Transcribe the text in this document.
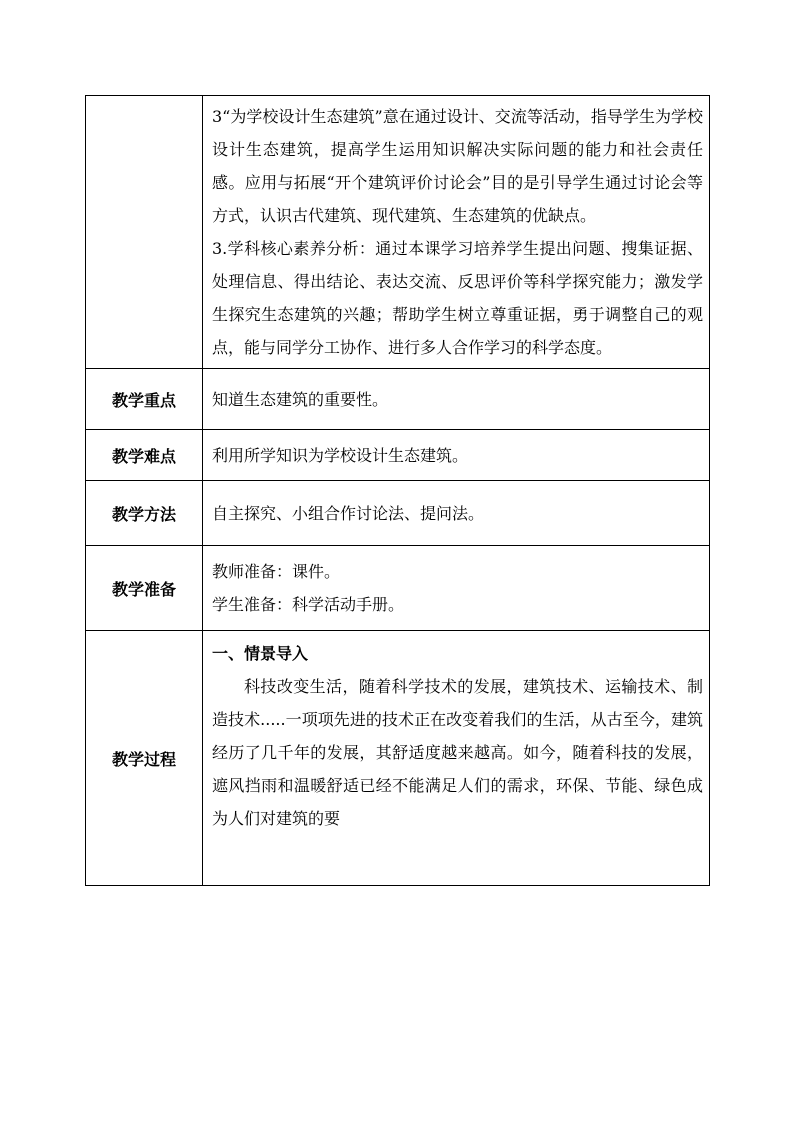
	3“为学校设计生态建筑”意在通过设计、交流等活动，指导学生为学校设计生态建筑，提高学生运用知识解决实际问题的能力和社会责任感。应用与拓展“开个建筑评价讨论会”目的是引导学生通过讨论会等方式，认识古代建筑、现代建筑、生态建筑的优缺点。

3.学科核心素养分析：通过本课学习培养学生提出问题、搜集证据、处理信息、得出结论、表达交流、反思评价等科学探究能力；激发学生探究生态建筑的兴趣；帮助学生树立尊重证据，勇于调整自己的观点，能与同学分工协作、进行多人合作学习的科学态度。

教学重点	知道生态建筑的重要性。

教学难点	利用所学知识为学校设计生态建筑。

教学方法	自主探究、小组合作讨论法、提问法。

教学准备	教师准备：课件。

学生准备：科学活动手册。

教学过程	一、情景导入

科技改变生活，随着科学技术的发展，建筑技术、运输技术、制造技术.....一项项先进的技术正在改变着我们的生活，从古至今，建筑经历了几千年的发展，其舒适度越来越高。如今，随着科技的发展，遮风挡雨和温暖舒适已经不能满足人们的需求，环保、节能、绿色成为人们对建筑的要
